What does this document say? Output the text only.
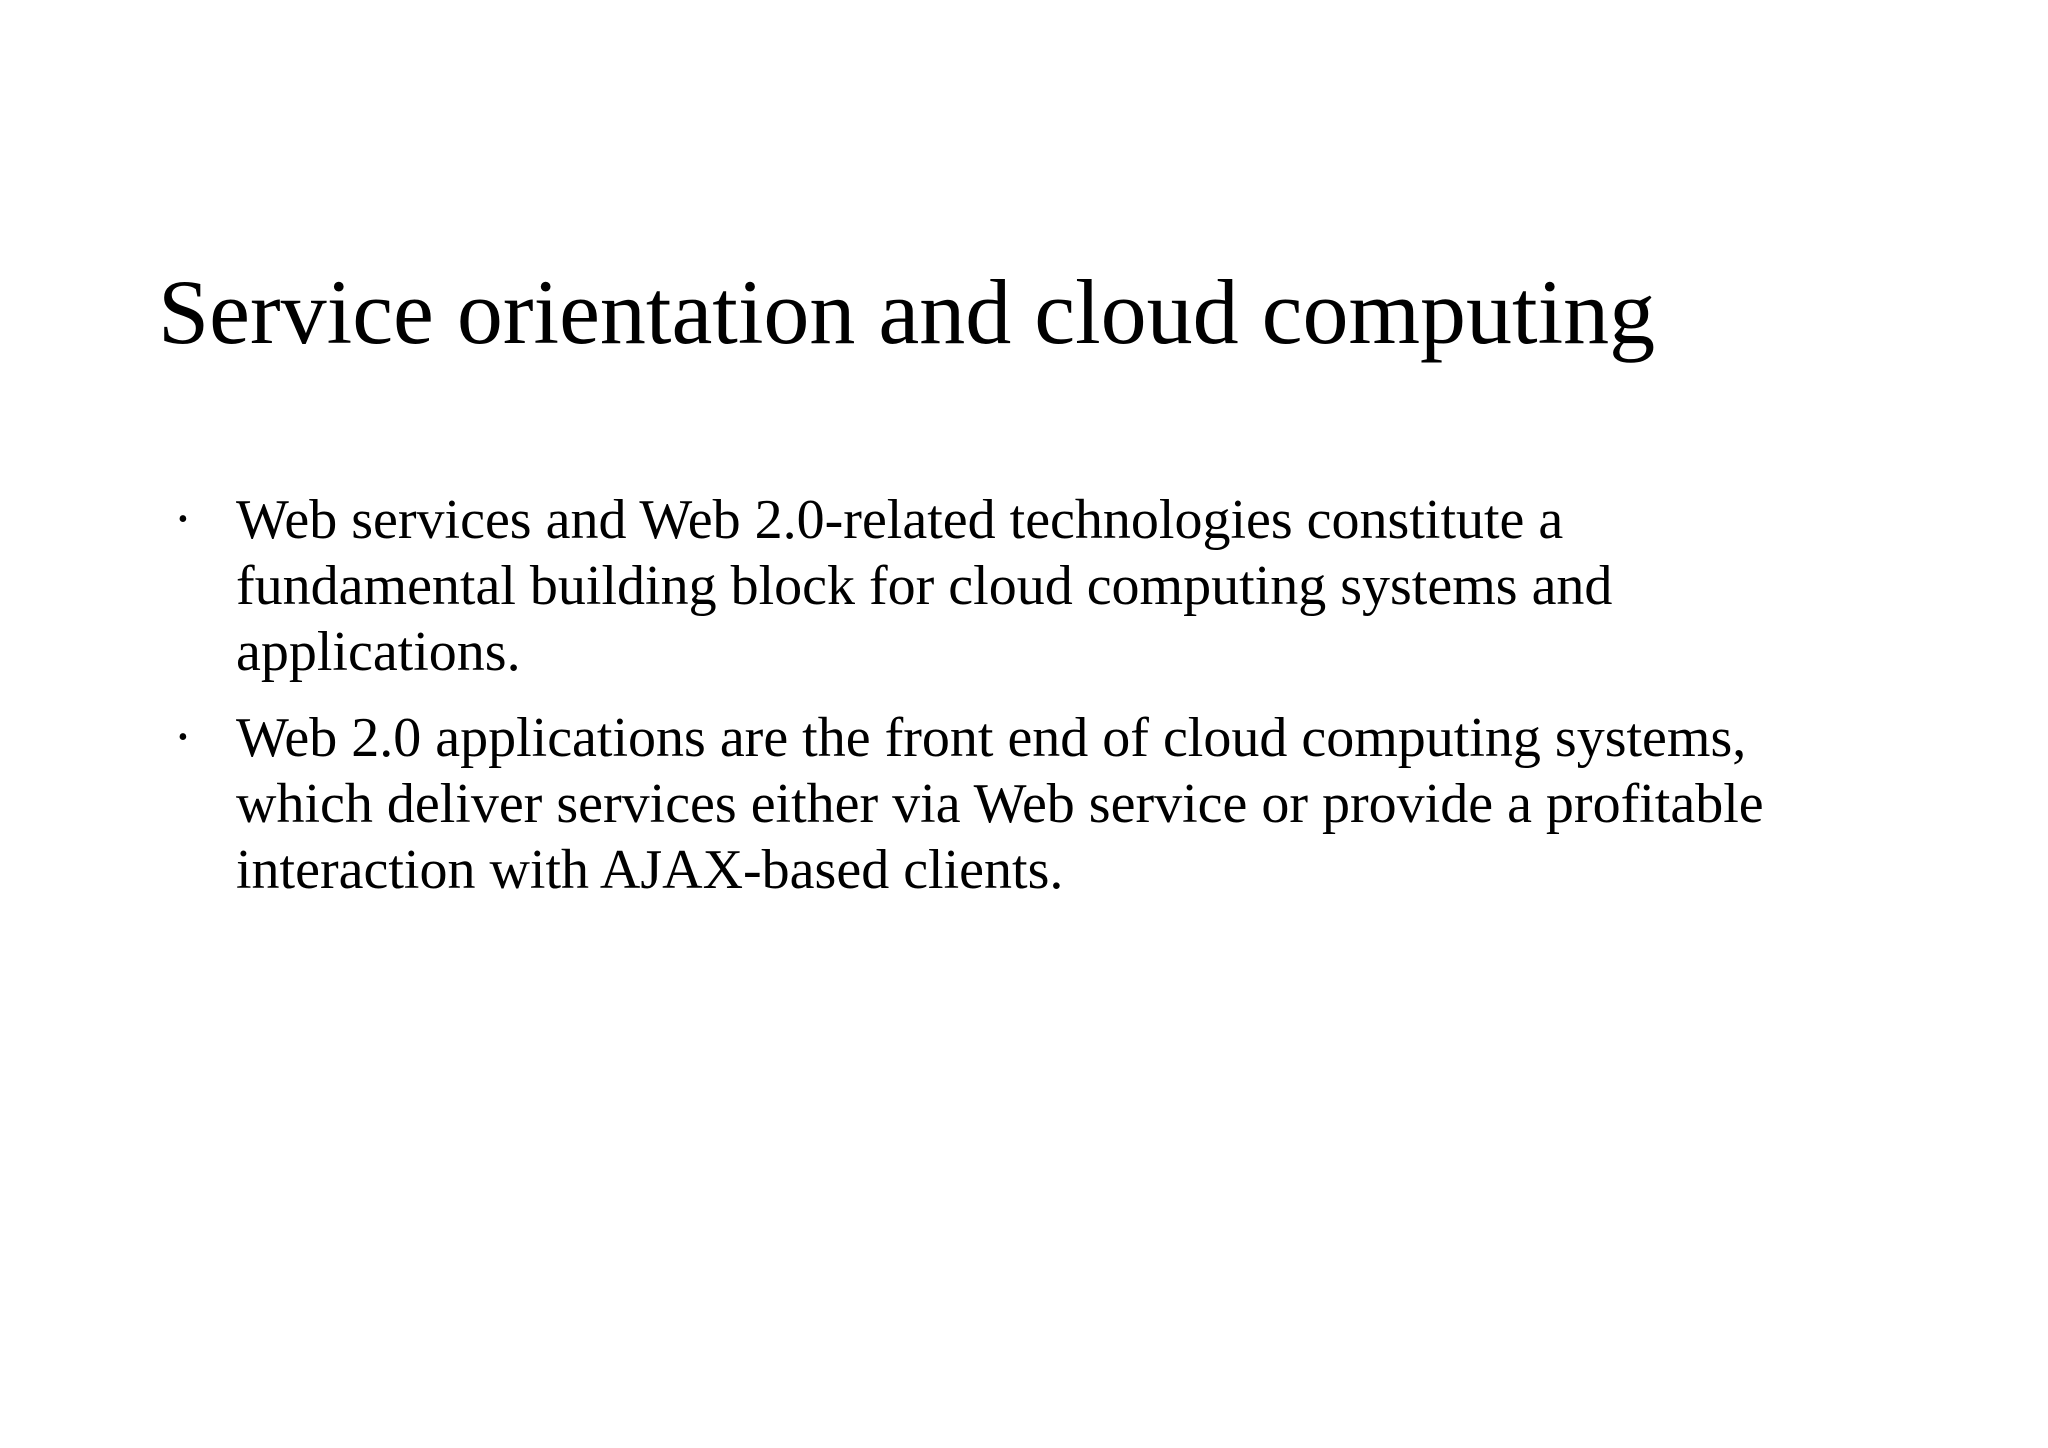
Service orientation and cloud computing
• Web services and Web 2.0-related technologies constitute a
fundamental building block for cloud computing systems and
applications.
• Web 2.0 applications are the front end of cloud computing systems,
which deliver services either via Web service or provide a profitable
interaction with AJAX-based clients.
